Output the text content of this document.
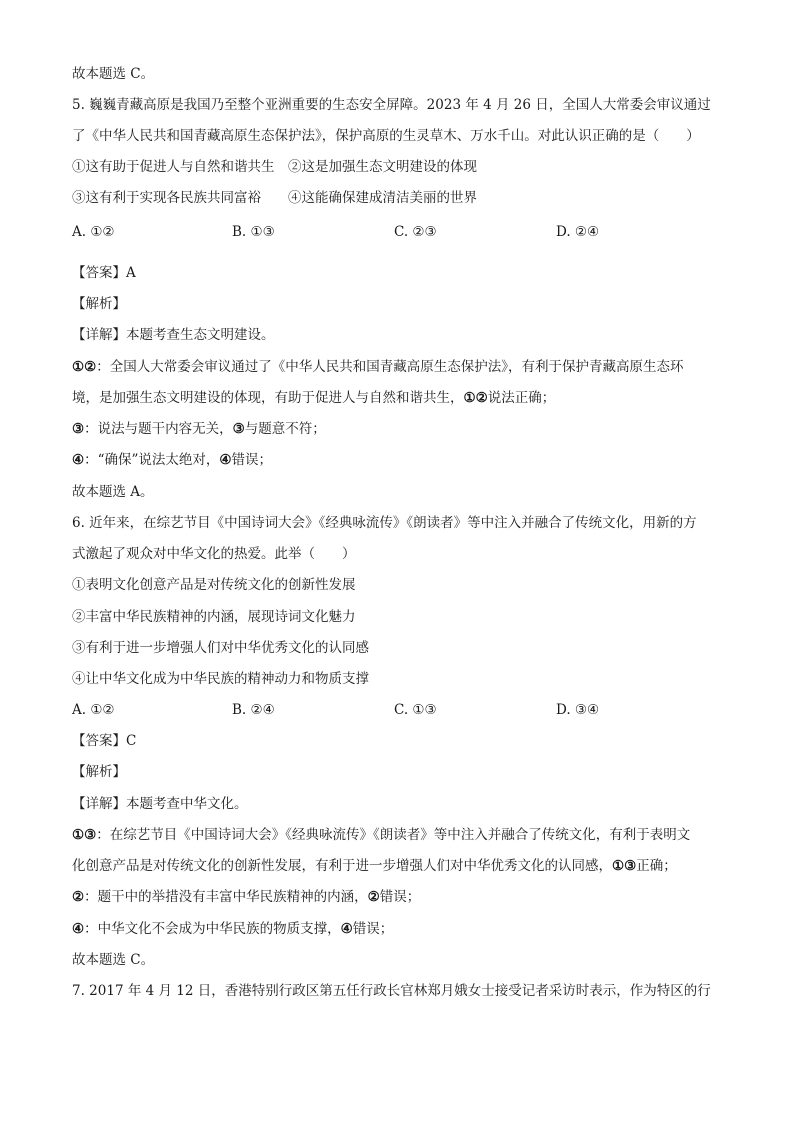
故本题选 C。
5. 巍巍青藏高原是我国乃至整个亚洲重要的生态安全屏障。2023 年 4 月 26 日，全国人大常委会审议通过
了《中华人民共和国青藏高原生态保护法》，保护高原的生灵草木、万水千山。对此认识正确的是（　　）
①这有助于促进人与自然和谐共生　②这是加强生态文明建设的体现
③这有利于实现各民族共同富裕　　④这能确保建成清洁美丽的世界
A. ①②	B. ①③	C. ②③	D. ②④
【答案】A
【解析】
【详解】本题考查生态文明建设。
①②：全国人大常委会审议通过了《中华人民共和国青藏高原生态保护法》，有利于保护青藏高原生态环
境，是加强生态文明建设的体现，有助于促进人与自然和谐共生，①②说法正确；
③：说法与题干内容无关，③与题意不符；
④：“确保”说法太绝对，④错误；
故本题选 A。
6. 近年来，在综艺节目《中国诗词大会》《经典咏流传》《朗读者》等中注入并融合了传统文化，用新的方
式激起了观众对中华文化的热爱。此举（　　）
①表明文化创意产品是对传统文化的创新性发展
②丰富中华民族精神的内涵，展现诗词文化魅力
③有利于进一步增强人们对中华优秀文化的认同感
④让中华文化成为中华民族的精神动力和物质支撑
A. ①②	B. ②④	C. ①③	D. ③④
【答案】C
【解析】
【详解】本题考查中华文化。
①③：在综艺节目《中国诗词大会》《经典咏流传》《朗读者》等中注入并融合了传统文化，有利于表明文
化创意产品是对传统文化的创新性发展，有利于进一步增强人们对中华优秀文化的认同感，①③正确；
②：题干中的举措没有丰富中华民族精神的内涵，②错误；
④：中华文化不会成为中华民族的物质支撑，④错误；
故本题选 C。
7. 2017 年 4 月 12 日，香港特别行政区第五任行政长官林郑月娥女士接受记者采访时表示，作为特区的行
